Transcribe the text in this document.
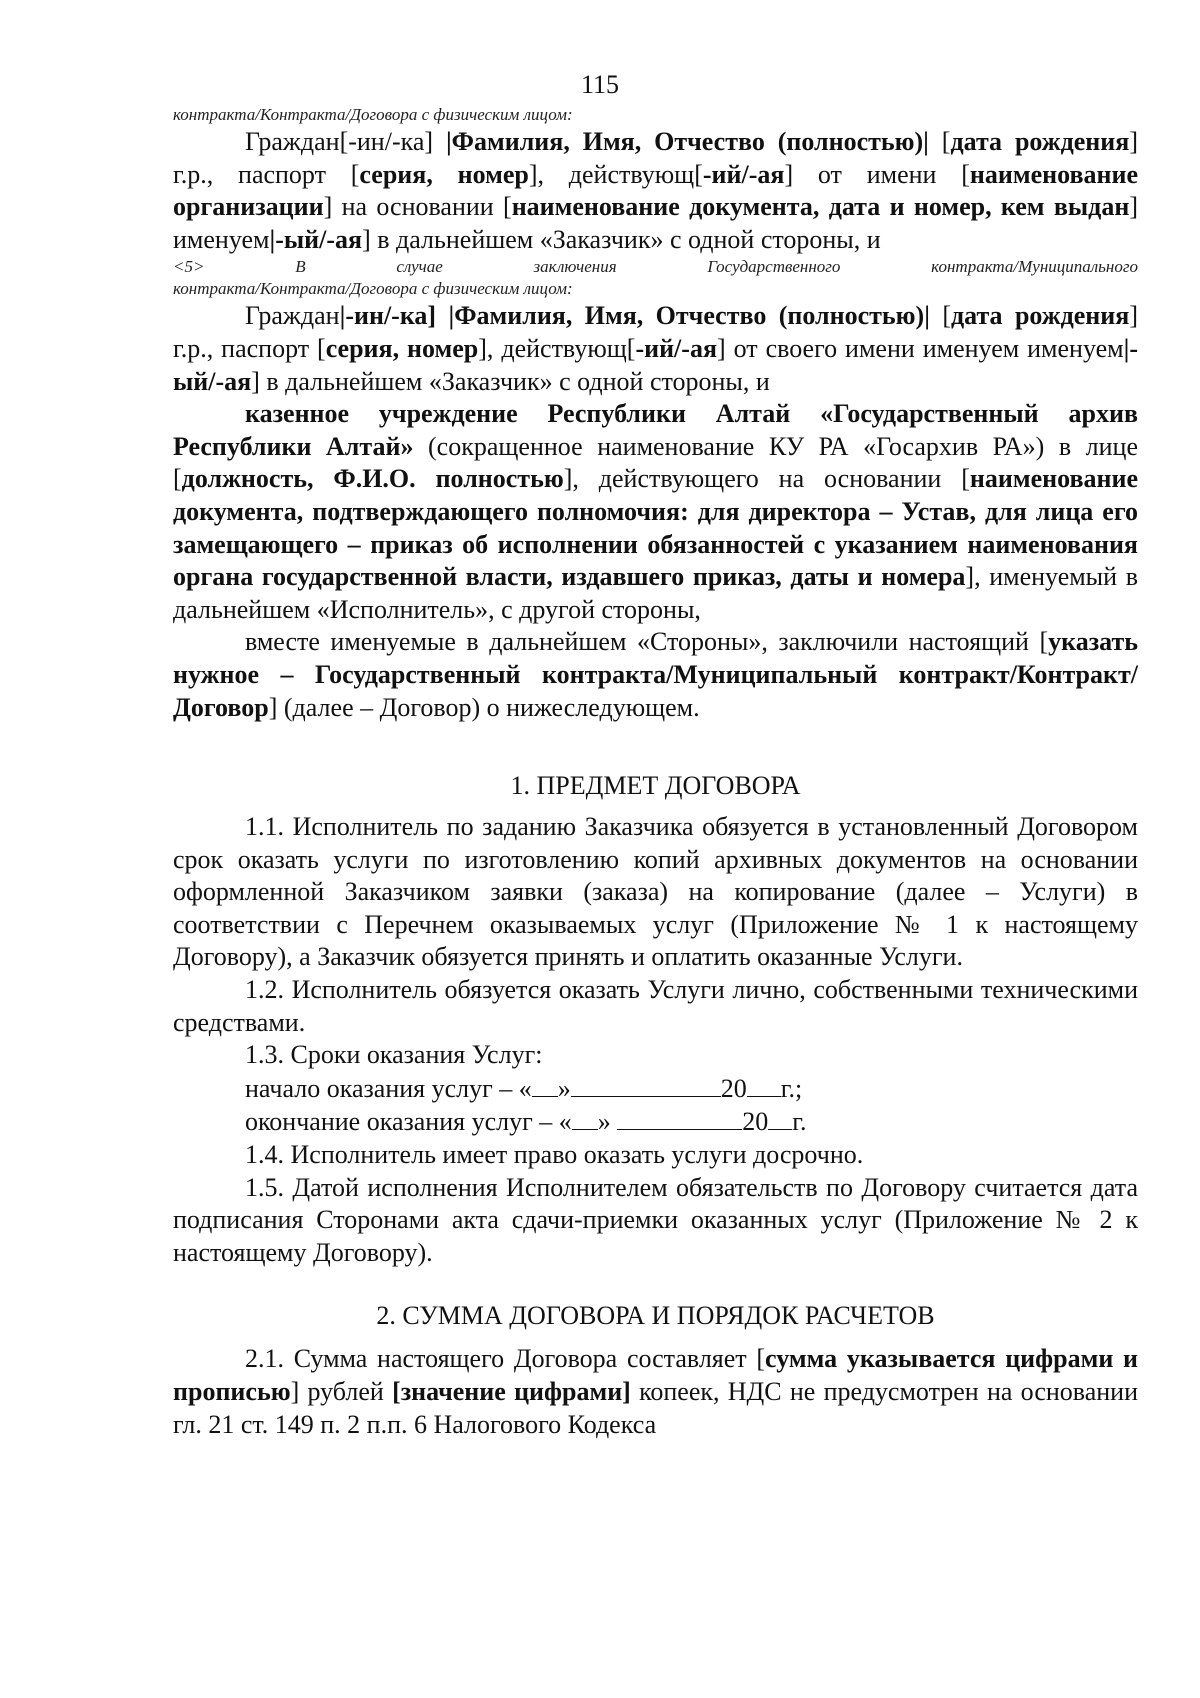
115

контракта/Контракта/Договора с физическим лицом:

Граждан[-ин/-ка] |Фамилия, Имя, Отчество (полностью)| [дата рождения] г.р., паспорт [серия, номер], действующ[-ий/-ая] от имени [наименование организации] на основании [наименование документа, дата и номер, кем выдан] именуем|-ый/-ая] в дальнейшем «Заказчик» с одной стороны, и

<5> В случае заключения Государственного контракта/Муниципального

контракта/Контракта/Договора с физическим лицом:

Граждан|-ин/-ка] |Фамилия, Имя, Отчество (полностью)| [дата рождения] г.р., паспорт [серия, номер], действующ[-ий/-ая] от своего имени именуем именуем|-ый/-ая] в дальнейшем «Заказчик» с одной стороны, и

казенное учреждение Республики Алтай «Государственный архив Республики Алтай» (сокращенное наименование КУ РА «Госархив РА») в лице [должность, Ф.И.О. полностью], действующего на основании [наименование документа, подтверждающего полномочия: для директора – Устав, для лица его замещающего – приказ об исполнении обязанностей с указанием наименования органа государственной власти, издавшего приказ, даты и номера], именуемый в дальнейшем «Исполнитель», с другой стороны,

вместе именуемые в дальнейшем «Стороны», заключили настоящий [указать нужное – Государственный контракта/Муниципальный контракт/Контракт/Договор] (далее – Договор) о нижеследующем.

1. ПРЕДМЕТ ДОГОВОРА

1.1. Исполнитель по заданию Заказчика обязуется в установленный Договором срок оказать услуги по изготовлению копий архивных документов на основании оформленной Заказчиком заявки (заказа) на копирование (далее – Услуги) в соответствии с Перечнем оказываемых услуг (Приложение № 1 к настоящему Договору), а Заказчик обязуется принять и оплатить оказанные Услуги.

1.2. Исполнитель обязуется оказать Услуги лично, собственными техническими средствами.

1.3. Сроки оказания Услуг:

начало оказания услуг – « »	20 г.;

окончание оказания услуг – « »	20 г.

1.4. Исполнитель имеет право оказать услуги досрочно.

1.5. Датой исполнения Исполнителем обязательств по Договору считается дата подписания Сторонами акта сдачи-приемки оказанных услуг (Приложение № 2 к настоящему Договору).

2. СУММА ДОГОВОРА И ПОРЯДОК РАСЧЕТОВ

2.1. Сумма настоящего Договора составляет [сумма указывается цифрами и прописью] рублей [значение цифрами] копеек, НДС не предусмотрен на основании гл. 21 ст. 149 п. 2 п.п. 6 Налогового Кодекса
